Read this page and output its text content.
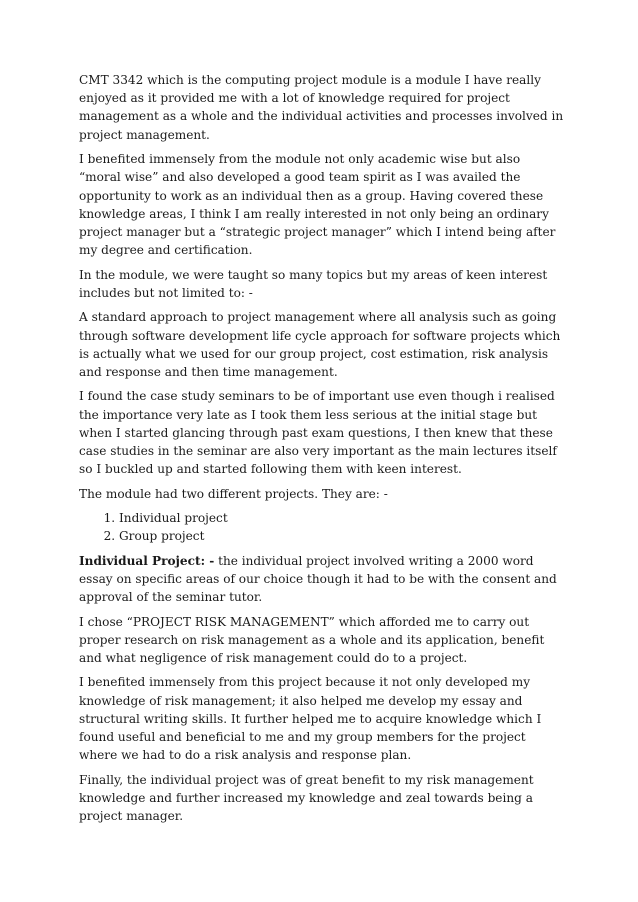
CMT 3342 which is the computing project module is a module I have really enjoyed as it provided me with a lot of knowledge required for project management as a whole and the individual activities and processes involved in project management.

I benefited immensely from the module not only academic wise but also “moral wise” and also developed a good team spirit as I was availed the opportunity to work as an individual then as a group. Having covered these knowledge areas, I think I am really interested in not only being an ordinary project manager but a “strategic project manager” which I intend being after my degree and certification.

In the module, we were taught so many topics but my areas of keen interest includes but not limited to: -

A standard approach to project management where all analysis such as going through software development life cycle approach for software projects which is actually what we used for our group project, cost estimation, risk analysis and response and then time management.

I found the case study seminars to be of important use even though i realised the importance very late as I took them less serious at the initial stage but when I started glancing through past exam questions, I then knew that these case studies in the seminar are also very important as the main lectures itself so I buckled up and started following them with keen interest.

The module had two different projects. They are: -

1. Individual project
2. Group project

Individual Project: - the individual project involved writing a 2000 word essay on specific areas of our choice though it had to be with the consent and approval of the seminar tutor.

I chose “PROJECT RISK MANAGEMENT” which afforded me to carry out proper research on risk management as a whole and its application, benefit and what negligence of risk management could do to a project.

I benefited immensely from this project because it not only developed my knowledge of risk management; it also helped me develop my essay and structural writing skills. It further helped me to acquire knowledge which I found useful and beneficial to me and my group members for the project where we had to do a risk analysis and response plan.

Finally, the individual project was of great benefit to my risk management knowledge and further increased my knowledge and zeal towards being a project manager.
